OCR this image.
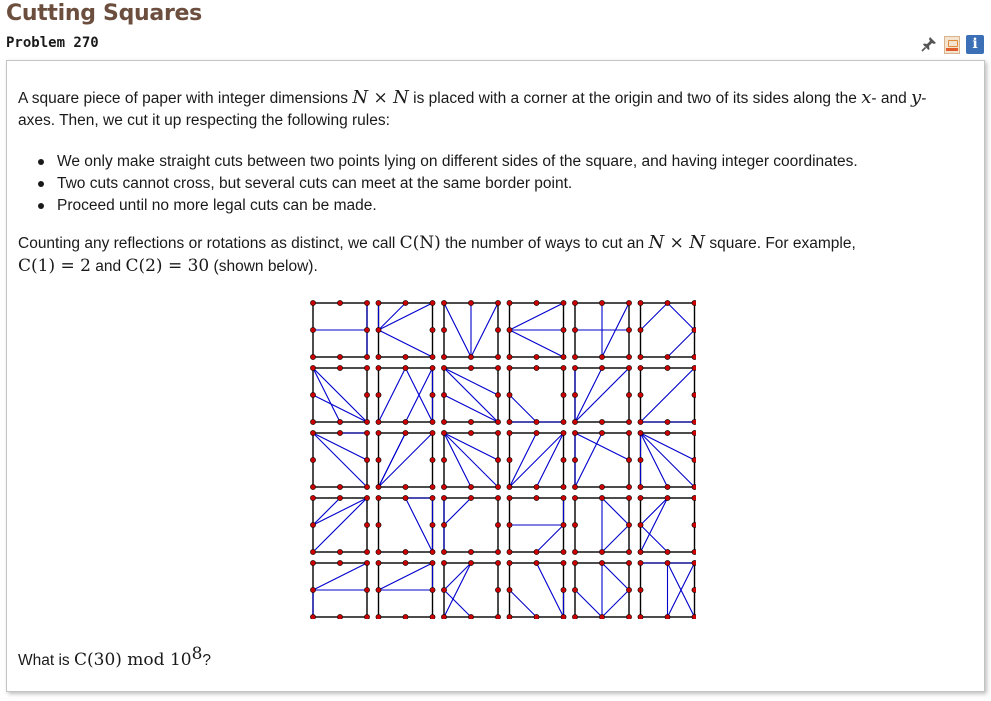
Cutting Squares
Problem 270	i
A square piece of paper with integer dimensions N × N is placed with a corner at the origin and two of its sides along the x- and y-axes. Then, we cut it up respecting the following rules:
We only make straight cuts between two points lying on different sides of the square, and having integer coordinates.
Two cuts cannot cross, but several cuts can meet at the same border point.
Proceed until no more legal cuts can be made.
Counting any reflections or rotations as distinct, we call C(N) the number of ways to cut an N × N square. For example,
C(1) = 2 and C(2) = 30 (shown below).
What is C(30) mod $10^8$?
